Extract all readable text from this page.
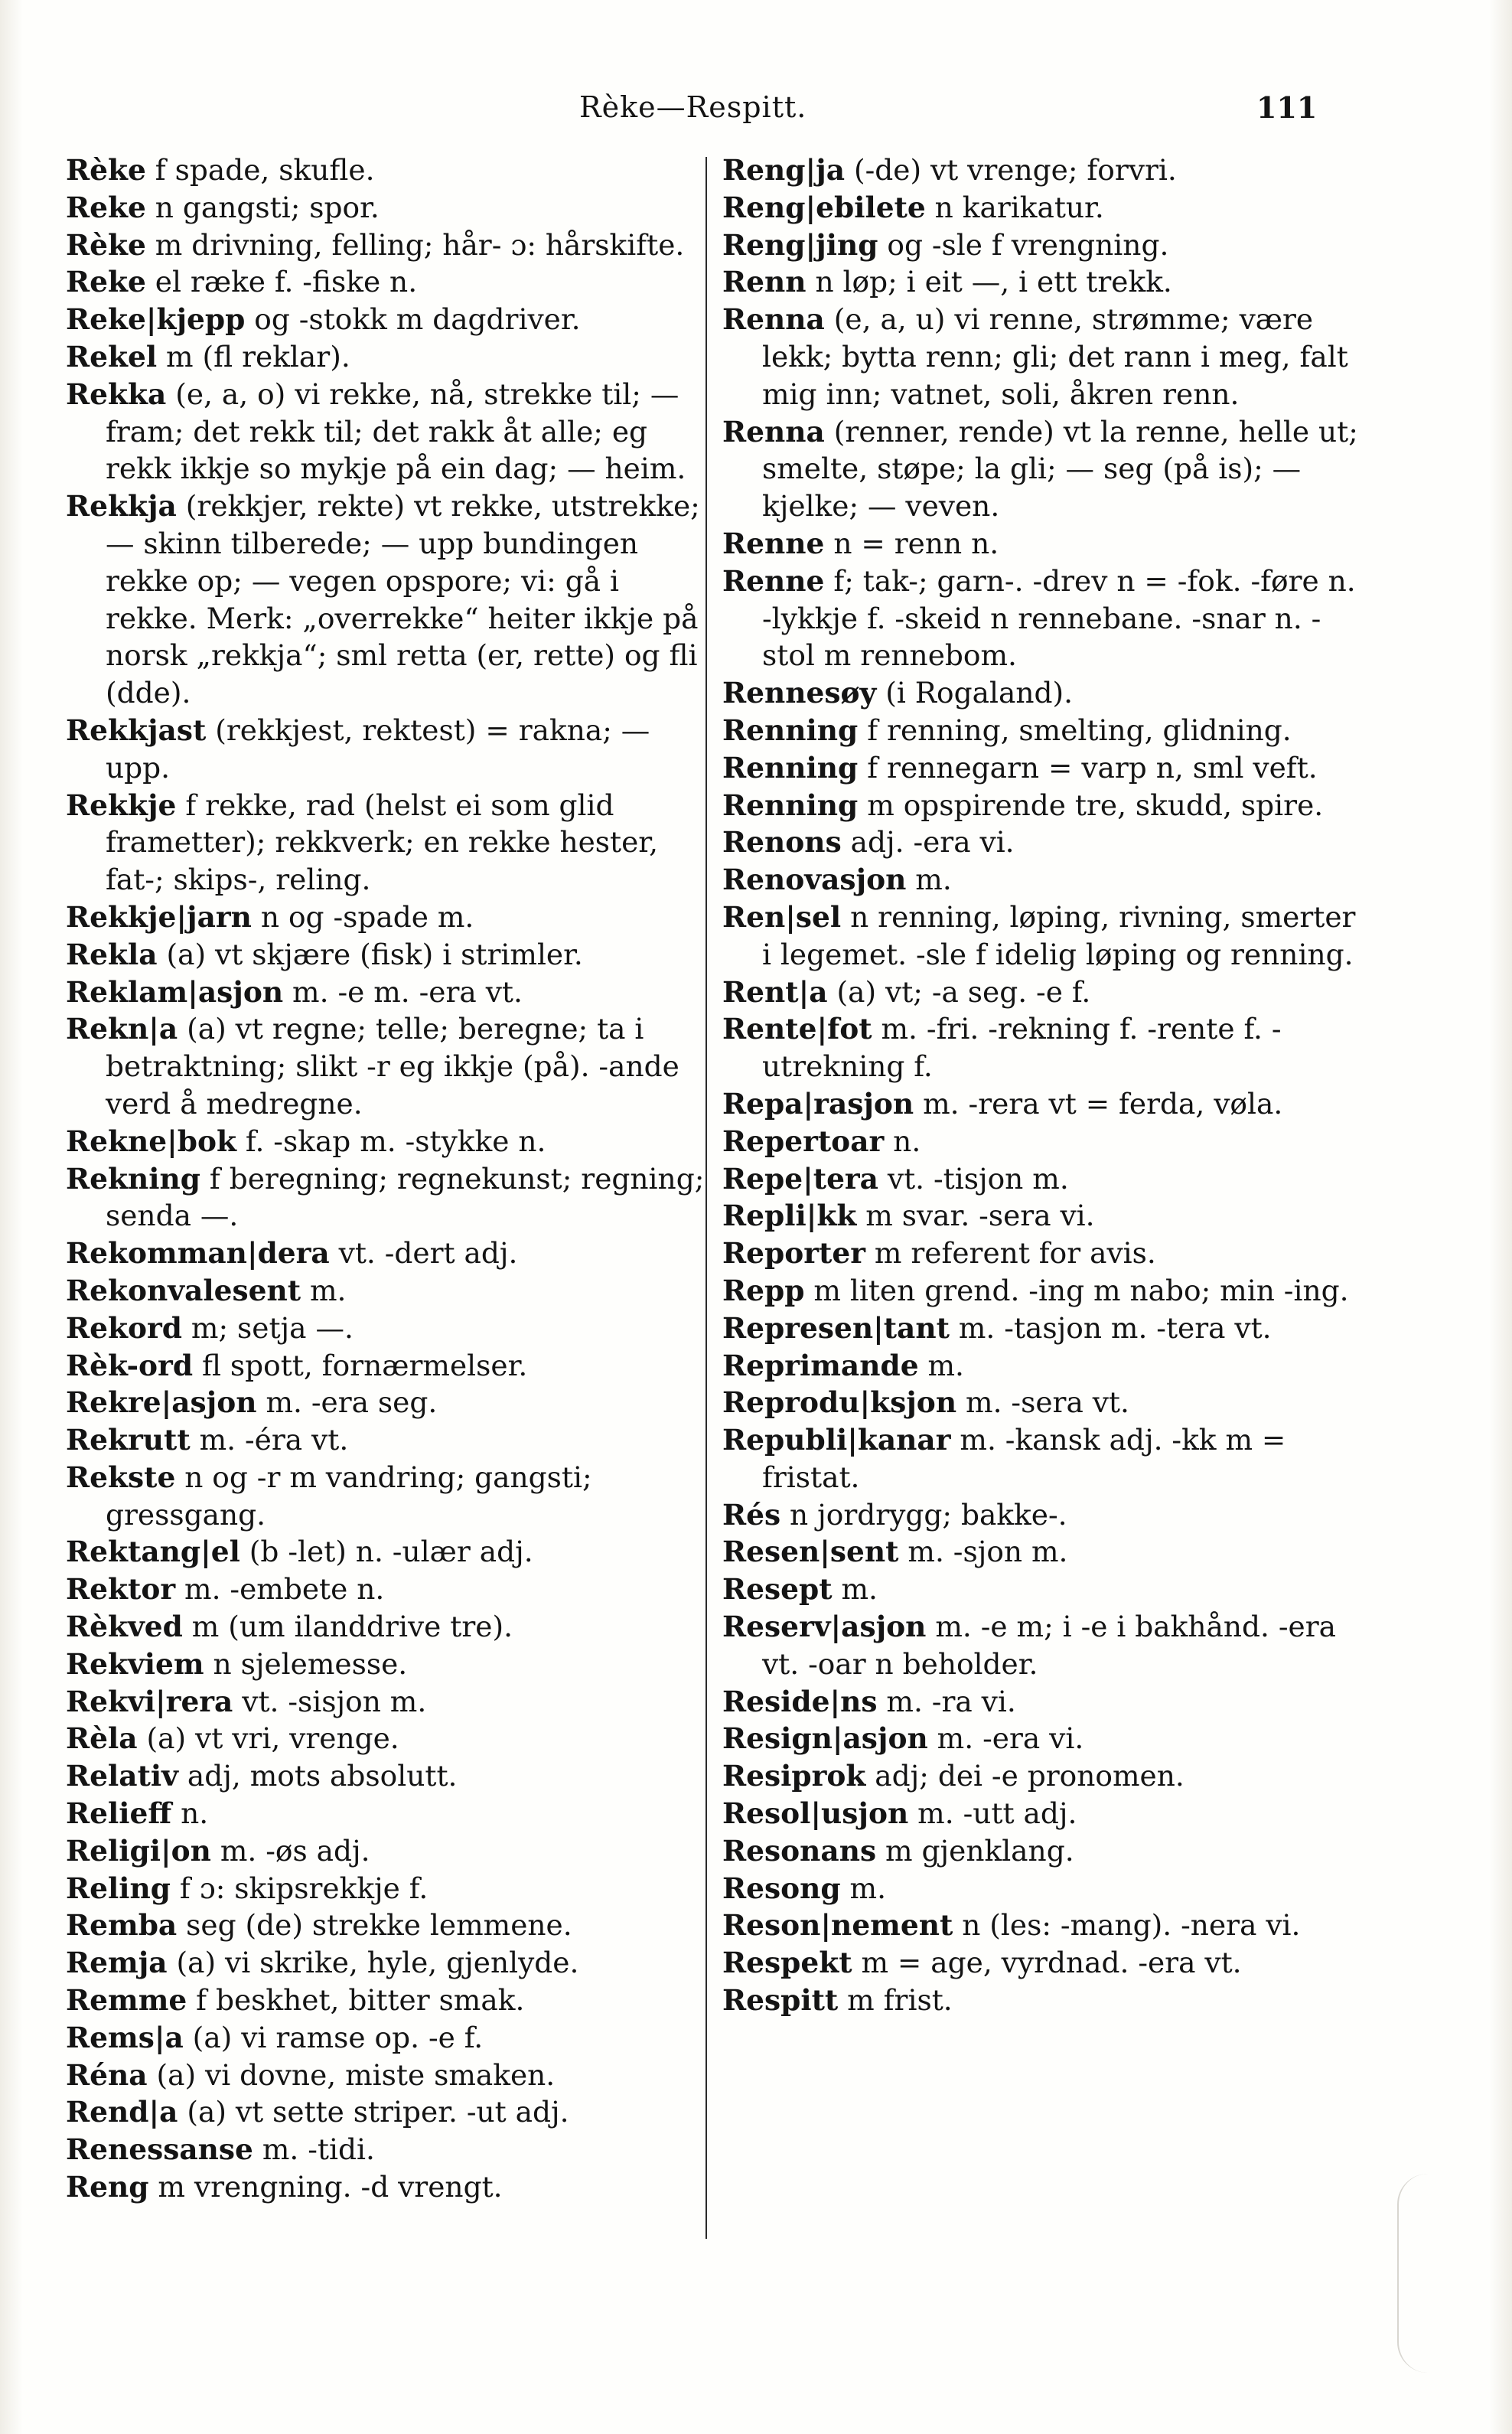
Rèke—Respitt.	111
Rèke f spade, skufle.
Reke n gangsti; spor.
Rèke m drivning, felling; hår- ɔ: hårskifte.
Reke el ræke f. -fiske n.
Reke|kjepp og -stokk m dagdriver.
Rekel m (fl reklar).
Rekka (e, a, o) vi rekke, nå, strekke til; — fram; det rekk til; det rakk åt alle; eg rekk ikkje so mykje på ein dag; — heim.
Rekkja (rekkjer, rekte) vt rekke, utstrekke; — skinn tilberede; — upp bundingen rekke op; — vegen opspore; vi: gå i rekke. Merk: „overrekke“ heiter ikkje på norsk „rekkja“; sml retta (er, rette) og fli (dde).
Rekkjast (rekkjest, rektest) = rakna; — upp.
Rekkje f rekke, rad (helst ei som glid frametter); rekkverk; en rekke hester, fat-; skips-, reling.
Rekkje|jarn n og -spade m.
Rekla (a) vt skjære (fisk) i strimler.
Reklam|asjon m. -e m. -era vt.
Rekn|a (a) vt regne; telle; beregne; ta i betraktning; slikt -r eg ikkje (på). -ande verd å medregne.
Rekne|bok f. -skap m. -stykke n.
Rekning f beregning; regnekunst; regning; senda —.
Rekomman|dera vt. -dert adj.
Rekonvalesent m.
Rekord m; setja —.
Rèk-ord fl spott, fornærmelser.
Rekre|asjon m. -era seg.
Rekrutt m. -éra vt.
Rekste n og -r m vandring; gangsti; gressgang.
Rektang|el (b -let) n. -ulær adj.
Rektor m. -embete n.
Rèkved m (um ilanddrive tre).
Rekviem n sjelemesse.
Rekvi|rera vt. -sisjon m.
Rèla (a) vt vri, vrenge.
Relativ adj, mots absolutt.
Relieff n.
Religi|on m. -øs adj.
Reling f ɔ: skipsrekkje f.
Remba seg (de) strekke lemmene.
Remja (a) vi skrike, hyle, gjenlyde.
Remme f beskhet, bitter smak.
Rems|a (a) vi ramse op. -e f.
Réna (a) vi dovne, miste smaken.
Rend|a (a) vt sette striper. -ut adj.
Renessanse m. -tidi.
Reng m vrengning. -d vrengt.
Reng|ja (-de) vt vrenge; forvri.
Reng|ebilete n karikatur.
Reng|jing og -sle f vrengning.
Renn n løp; i eit —, i ett trekk.
Renna (e, a, u) vi renne, strømme; være lekk; bytta renn; gli; det rann i meg, falt mig inn; vatnet, soli, åkren renn.
Renna (renner, rende) vt la renne, helle ut; smelte, støpe; la gli; — seg (på is); — kjelke; — veven.
Renne n = renn n.
Renne f; tak-; garn-. -drev n = -fok. -føre n. -lykkje f. -skeid n rennebane. -snar n. -stol m rennebom.
Rennesøy (i Rogaland).
Renning f renning, smelting, glidning.
Renning f rennegarn = varp n, sml veft.
Renning m opspirende tre, skudd, spire.
Renons adj. -era vi.
Renovasjon m.
Ren|sel n renning, løping, rivning, smerter i legemet. -sle f idelig løping og renning.
Rent|a (a) vt; -a seg. -e f.
Rente|fot m. -fri. -rekning f. -rente f. -utrekning f.
Repa|rasjon m. -rera vt = ferda, vøla.
Repertoar n.
Repe|tera vt. -tisjon m.
Repli|kk m svar. -sera vi.
Reporter m referent for avis.
Repp m liten grend. -ing m nabo; min -ing.
Represen|tant m. -tasjon m. -tera vt.
Reprimande m.
Reprodu|ksjon m. -sera vt.
Republi|kanar m. -kansk adj. -kk m = fristat.
Rés n jordrygg; bakke-.
Resen|sent m. -sjon m.
Resept m.
Reserv|asjon m. -e m; i -e i bakhånd. -era vt. -oar n beholder.
Reside|ns m. -ra vi.
Resign|asjon m. -era vi.
Resiprok adj; dei -e pronomen.
Resol|usjon m. -utt adj.
Resonans m gjenklang.
Resong m.
Reson|nement n (les: -mang). -nera vi.
Respekt m = age, vyrdnad. -era vt.
Respitt m frist.
